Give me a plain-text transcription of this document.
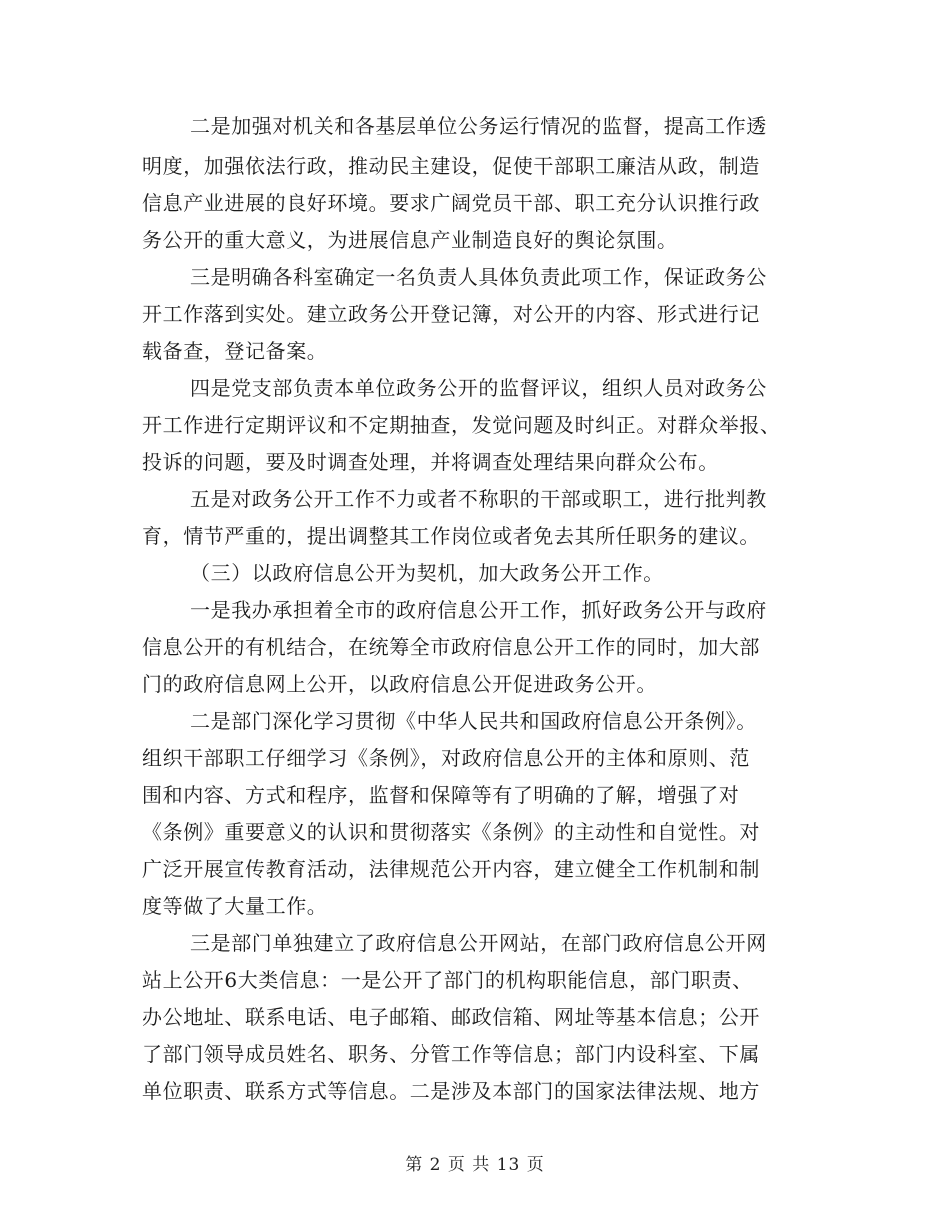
二是加强对机关和各基层单位公务运行情况的监督，提高工作透
明度，加强依法行政，推动民主建设，促使干部职工廉洁从政，制造
信息产业进展的良好环境。要求广阔党员干部、职工充分认识推行政
务公开的重大意义，为进展信息产业制造良好的舆论氛围。
三是明确各科室确定一名负责人具体负责此项工作，保证政务公
开工作落到实处。建立政务公开登记簿，对公开的内容、形式进行记
载备查，登记备案。
四是党支部负责本单位政务公开的监督评议，组织人员对政务公
开工作进行定期评议和不定期抽查，发觉问题及时纠正。对群众举报、
投诉的问题，要及时调查处理，并将调查处理结果向群众公布。
五是对政务公开工作不力或者不称职的干部或职工，进行批判教
育，情节严重的，提出调整其工作岗位或者免去其所任职务的建议。
（三）以政府信息公开为契机，加大政务公开工作。
一是我办承担着全市的政府信息公开工作，抓好政务公开与政府
信息公开的有机结合，在统筹全市政府信息公开工作的同时，加大部
门的政府信息网上公开，以政府信息公开促进政务公开。
二是部门深化学习贯彻《中华人民共和国政府信息公开条例》。
组织干部职工仔细学习《条例》，对政府信息公开的主体和原则、范
围和内容、方式和程序，监督和保障等有了明确的了解，增强了对
《条例》重要意义的认识和贯彻落实《条例》的主动性和自觉性。对
广泛开展宣传教育活动，法律规范公开内容，建立健全工作机制和制
度等做了大量工作。
三是部门单独建立了政府信息公开网站，在部门政府信息公开网
站上公开6大类信息：一是公开了部门的机构职能信息，部门职责、
办公地址、联系电话、电子邮箱、邮政信箱、网址等基本信息；公开
了部门领导成员姓名、职务、分管工作等信息；部门内设科室、下属
单位职责、联系方式等信息。二是涉及本部门的国家法律法规、地方
第 2 页 共 13 页
